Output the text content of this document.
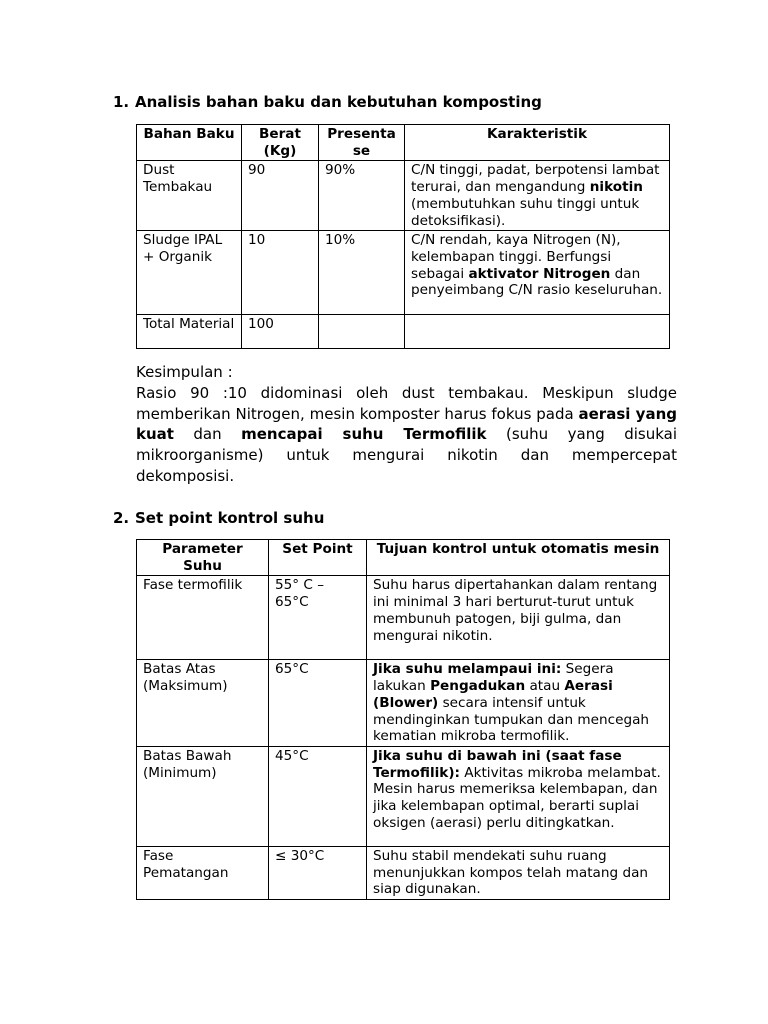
1. Analisis bahan baku dan kebutuhan komposting
Bahan Baku	Berat (Kg)	Presentase	Karakteristik
Dust Tembakau	90	90%	C/N tinggi, padat, berpotensi lambat terurai, dan mengandung nikotin (membutuhkan suhu tinggi untuk detoksifikasi).
Sludge IPAL + Organik	10	10%	C/N rendah, kaya Nitrogen (N), kelembapan tinggi. Berfungsi sebagai aktivator Nitrogen dan penyeimbang C/N rasio keseluruhan.
Total Material	100		

Kesimpulan :

Rasio 90 :10 didominasi oleh dust tembakau. Meskipun sludge memberikan Nitrogen, mesin komposter harus fokus pada aerasi yang kuat dan mencapai suhu Termofilik (suhu yang disukai mikroorganisme) untuk mengurai nikotin dan mempercepat dekomposisi.

2. Set point kontrol suhu
Parameter Suhu	Set Point	Tujuan kontrol untuk otomatis mesin
Fase termofilik	55° C – 65°C	Suhu harus dipertahankan dalam rentang ini minimal 3 hari berturut-turut untuk membunuh patogen, biji gulma, dan mengurai nikotin.
Batas Atas (Maksimum)	65°C	Jika suhu melampaui ini: Segera lakukan Pengadukan atau Aerasi (Blower) secara intensif untuk mendinginkan tumpukan dan mencegah kematian mikroba termofilik.
Batas Bawah (Minimum)	45°C	Jika suhu di bawah ini (saat fase Termofilik): Aktivitas mikroba melambat. Mesin harus memeriksa kelembapan, dan jika kelembapan optimal, berarti suplai oksigen (aerasi) perlu ditingkatkan.
Fase Pematangan	≤ 30°C	Suhu stabil mendekati suhu ruang menunjukkan kompos telah matang dan siap digunakan.
